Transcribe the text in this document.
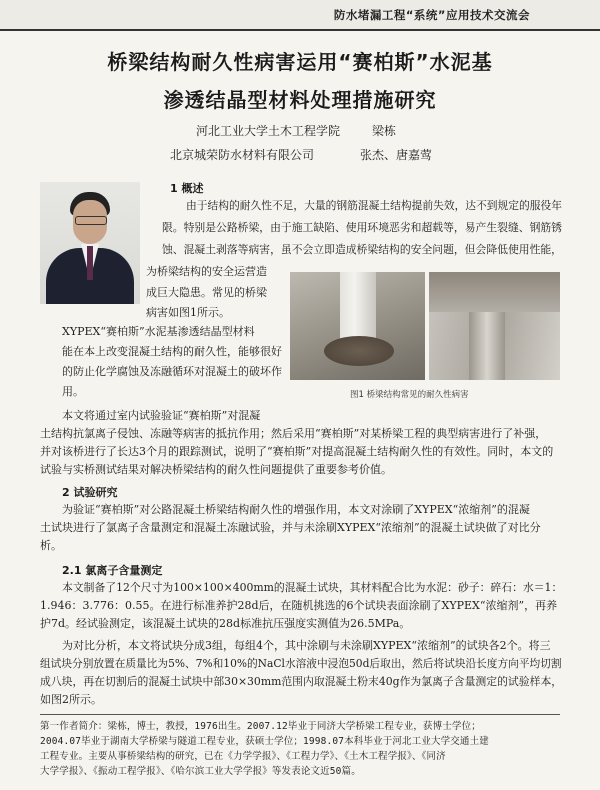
防水堵漏工程“系统”应用技术交流会
桥梁结构耐久性病害运用“赛柏斯”水泥基
渗透结晶型材料处理措施研究
河北工业大学土木工程学院	梁栋
北京城荣防水材料有限公司	张杰、唐嘉莺
1 概述
由于结构的耐久性不足，大量的钢筋混凝土结构提前失效，达不到规定的服役年
限。特别是公路桥梁，由于施工缺陷、使用环境恶劣和超载等，易产生裂缝、钢筋锈
蚀、混凝土剥落等病害，虽不会立即造成桥梁结构的安全问题，但会降低使用性能，
为桥梁结构的安全运营造
成巨大隐患。常见的桥梁
病害如图1所示。
图1 桥梁结构常见的耐久性病害
XYPEX“赛柏斯”水泥基渗透结晶型材料
能在本上改变混凝土结构的耐久性，能够很好
的防止化学腐蚀及冻融循环对混凝土的破坏作
用。
本文将通过室内试验验证“赛柏斯”对混凝
土结构抗氯离子侵蚀、冻融等病害的抵抗作用；然后采用“赛柏斯”对某桥梁工程的典型病害进行了补强，
并对该桥进行了长达3个月的跟踪测试，说明了“赛柏斯”对提高混凝土结构耐久性的有效性。同时，本文的
试验与实桥测试结果对解决桥梁结构的耐久性问题提供了重要参考价值。
2 试验研究
为验证“赛柏斯”对公路混凝土桥梁结构耐久性的增强作用，本文对涂刷了XYPEX“浓缩剂”的混凝
土试块进行了氯离子含量测定和混凝土冻融试验，并与未涂刷XYPEX“浓缩剂”的混凝土试块做了对比分
析。
2.1 氯离子含量测定
本文制备了12个尺寸为100×100×400mm的混凝土试块，其材料配合比为水泥：砂子：碎石：水＝1：
1.946：3.776：0.55。在进行标准养护28d后，在随机挑选的6个试块表面涂刷了XYPEX“浓缩剂”，再养
护7d。经试验测定，该混凝土试块的28d标准抗压强度实测值为26.5MPa。
为对比分析，本文将试块分成3组，每组4个，其中涂刷与未涂刷XYPEX“浓缩剂”的试块各2个。将三
组试块分别放置在质量比为5%、7%和10%的NaCl水溶液中浸泡50d后取出，然后将试块沿长度方向平均切割
成八块，再在切割后的混凝土试块中部30×30mm范围内取混凝土粉末40g作为氯离子含量测定的试验样本，
如图2所示。
第一作者简介：梁栋，博士，教授，1976出生。2007.12毕业于同济大学桥梁工程专业，获博士学位；
2004.07毕业于湖南大学桥梁与隧道工程专业，获硕士学位；1998.07本科毕业于河北工业大学交通土建
工程专业。主要从事桥梁结构的研究，已在《力学学报》、《工程力学》、《土木工程学报》、《同济
大学学报》、《振动工程学报》、《哈尔滨工业大学学报》等发表论文近50篇。
